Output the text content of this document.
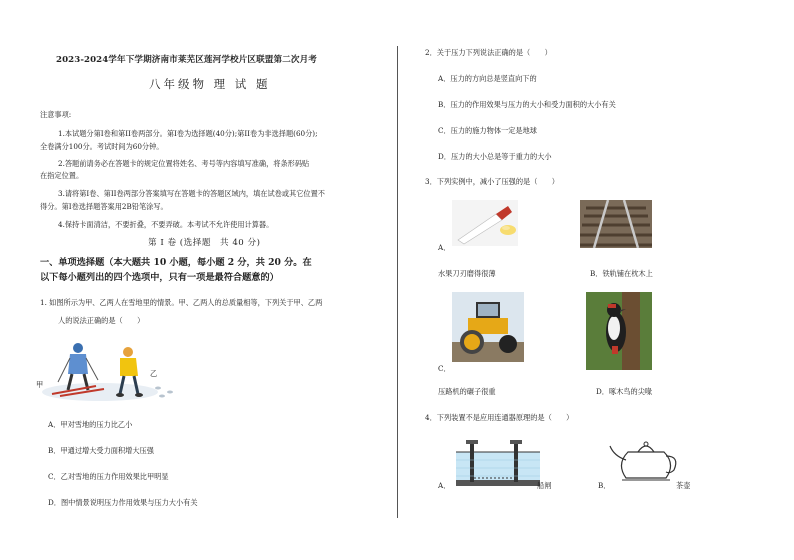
2023-2024学年下学期济南市莱芜区莲河学校片区联盟第二次月考
八年级物 理 试 题
注意事项:
1.本试题分第I卷和第II卷两部分。第I卷为选择题(40分);第II卷为非选择题(60分);
全卷满分100分。考试时间为60分钟。
2.答题前请务必在答题卡的规定位置将姓名、考号等内容填写准确，将条形码贴
在指定位置。
3.请将第I卷、第II卷两部分答案填写在答题卡的答题区域内，填在试卷或其它位置不
得分。第I卷选择题答案用2B铅笔涂写。
4.保持卡面清洁，不要折叠，不要弄破。本考试不允许使用计算器。
第 I 卷 (选择题　共 40 分)
一、单项选择题（本大题共 10 小题，每小题 2 分，共 20 分。在
以下每小题列出的四个选项中，只有一项是最符合题意的）
1. 如图所示为甲、乙两人在雪地里的情景。甲、乙两人的总质量相等，下列关于甲、乙两
人的说法正确的是（　　）
甲
乙
A．甲对雪地的压力比乙小
B．甲通过增大受力面积增大压强
C．乙对雪地的压力作用效果比甲明显
D．图中情景说明压力作用效果与压力大小有关
2．关于压力下列说法正确的是（　　）
A．压力的方向总是竖直向下的
B．压力的作用效果与压力的大小和受力面积的大小有关
C．压力的施力物体一定是地球
D．压力的大小总是等于重力的大小
3．下列实例中，减小了压强的是（　　）
A．
水果刀刃磨得很薄	B．铁轨铺在枕木上
C．
压路机的碾子很重	D．啄木鸟的尖喙
4．下列装置不是应用连通器原理的是（　　）
A．	船闸	B．	茶壶
